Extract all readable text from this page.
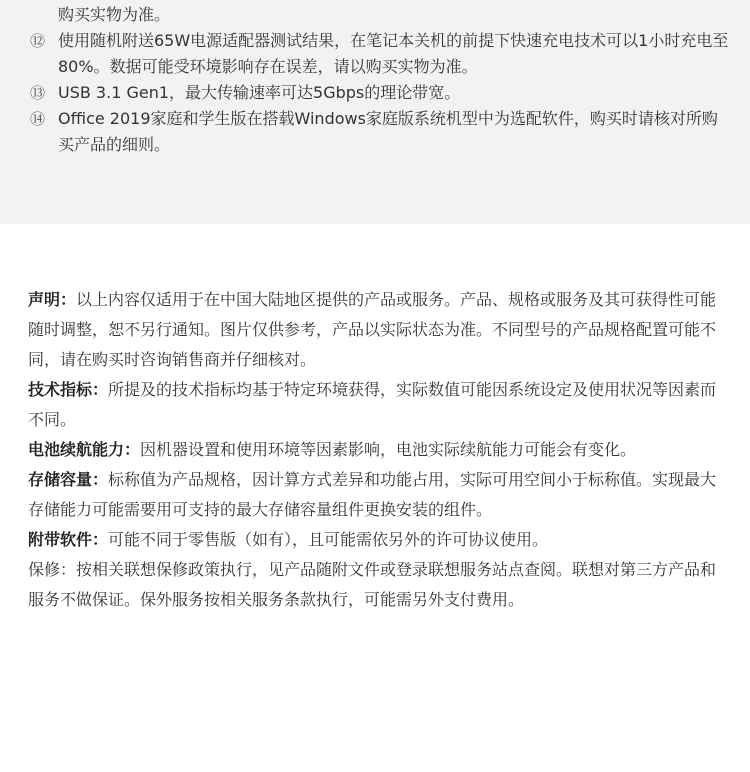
购买实物为准。
⑫ 使用随机附送65W电源适配器测试结果，在笔记本关机的前提下快速充电技术可以1小时充电至80%。数据可能受环境影响存在误差，请以购买实物为准。
⑬ USB 3.1 Gen1，最大传输速率可达5Gbps的理论带宽。
⑭ Office 2019家庭和学生版在搭载Windows家庭版系统机型中为选配软件，购买时请核对所购买产品的细则。

声明：以上内容仅适用于在中国大陆地区提供的产品或服务。产品、规格或服务及其可获得性可能随时调整，恕不另行通知。图片仅供参考，产品以实际状态为准。不同型号的产品规格配置可能不同，请在购买时咨询销售商并仔细核对。

技术指标：所提及的技术指标均基于特定环境获得，实际数值可能因系统设定及使用状况等因素而不同。

电池续航能力：因机器设置和使用环境等因素影响，电池实际续航能力可能会有变化。

存储容量：标称值为产品规格，因计算方式差异和功能占用，实际可用空间小于标称值。实现最大存储能力可能需要用可支持的最大存储容量组件更换安装的组件。

附带软件：可能不同于零售版（如有），且可能需依另外的许可协议使用。

保修：按相关联想保修政策执行，见产品随附文件或登录联想服务站点查阅。联想对第三方产品和服务不做保证。保外服务按相关服务条款执行，可能需另外支付费用。
